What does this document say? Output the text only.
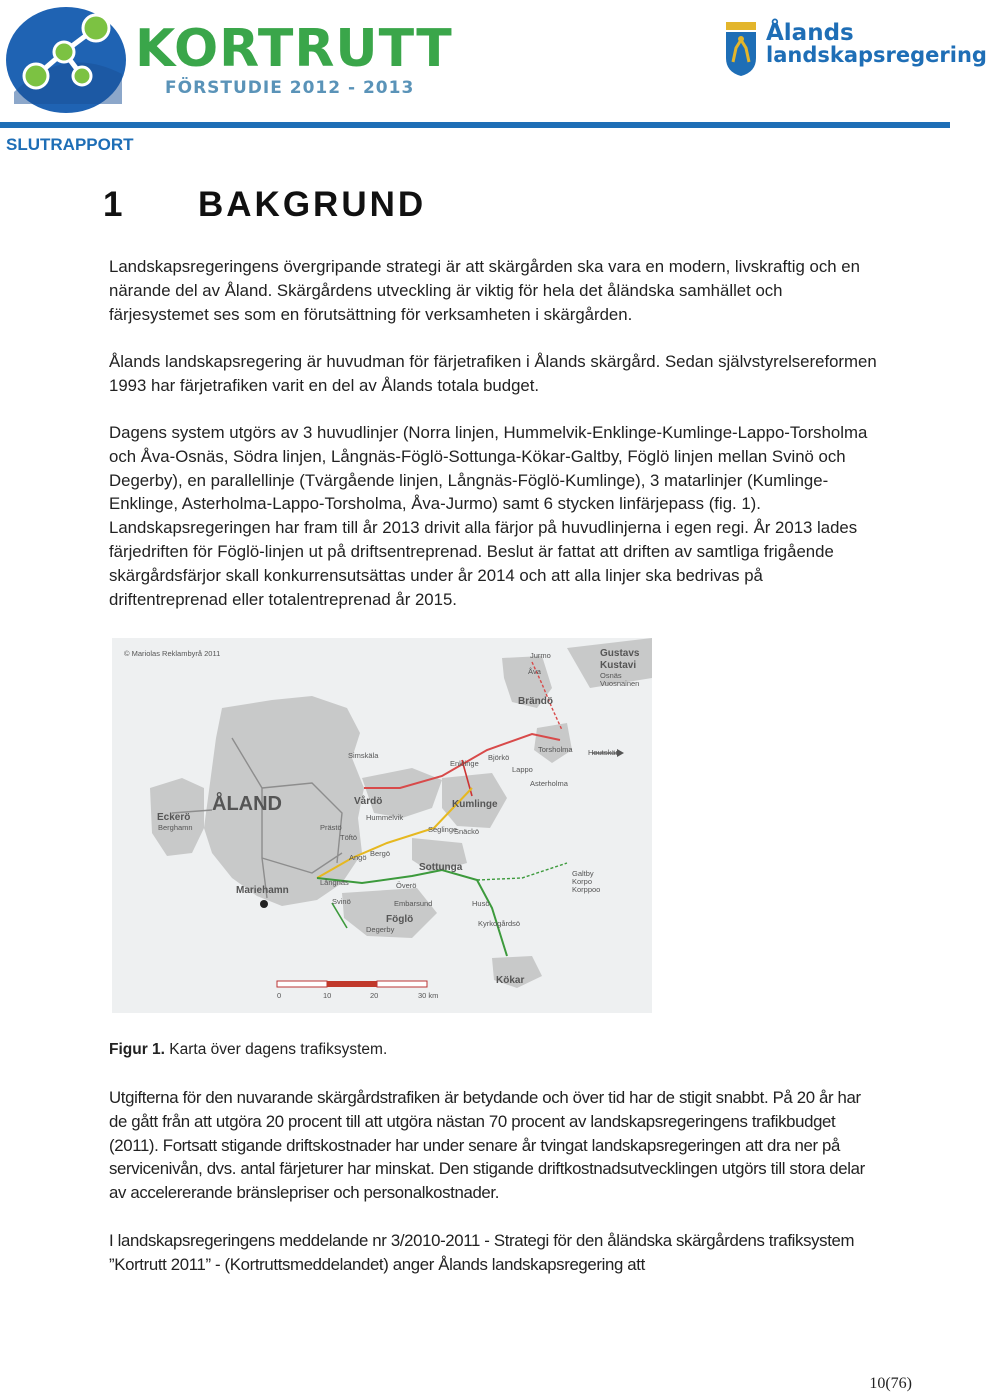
KORTRUTT
FÖRSTUDIE 2012 - 2013
Ålands
landskapsregering
SLUTRAPPORT
1 BAKGRUND

Landskapsregeringens övergripande strategi är att skärgården ska vara en modern, livskraftig och en närande del av Åland. Skärgårdens utveckling är viktig för hela det åländska samhället och färjesystemet ses som en förutsättning för verksamheten i skärgården.

Ålands landskapsregering är huvudman för färjetrafiken i Ålands skärgård. Sedan självstyrelsereformen 1993 har färjetrafiken varit en del av Ålands totala budget.

Dagens system utgörs av 3 huvudlinjer (Norra linjen, Hummelvik-Enklinge-Kumlinge-Lappo-Torsholma och Åva-Osnäs, Södra linjen, Långnäs-Föglö-Sottunga-Kökar-Galtby, Föglö linjen mellan Svinö och Degerby), en parallellinje (Tvärgående linjen, Långnäs-Föglö-Kumlinge), 3 matarlinjer (Kumlinge-Enklinge, Asterholma-Lappo-Torsholma, Åva-Jurmo) samt 6 stycken linfärjepass (fig. 1). Landskapsregeringen har fram till år 2013 drivit alla färjor på huvudlinjerna i egen regi. År 2013 lades färjedriften för Föglö-linjen ut på driftsentreprenad. Beslut är fattat att driften av samtliga frigående skärgårdsfärjor skall konkurrensutsättas under år 2014 och att alla linjer ska bedrivas på driftentreprenad eller totalentreprenad år 2015.

© Mariolas Reklambyrå 2011
ÅLAND
Eckerö
Berghamn
Simskäla
Vårdö
Hummelvik
Prästö
Töftö
Angö Bergö
Mariehamn
Långnäs
Svinö
Degerby
Föglö
Överö
Embarsund
Sottunga
Kumlinge
Snäckö
Seglinge
Enklinge
Björkö
Lappo
Asterholma
Torsholma Houtskär
Brändö
Jurmo
Åva
Gustavs
Kustavi
Osnäs
Vuosnainen
Galtby
Korpo
Korppoo
Husö
Kyrkogårdsö
Kökar
0	10	20	30 km
Figur 1. Karta över dagens trafiksystem.

Utgifterna för den nuvarande skärgårdstrafiken är betydande och över tid har de stigit snabbt. På 20 år har de gått från att utgöra 20 procent till att utgöra nästan 70 procent av landskapsregeringens trafikbudget (2011). Fortsatt stigande driftskostnader har under senare år tvingat landskapsregeringen att dra ner på servicenivån, dvs. antal färjeturer har minskat. Den stigande driftkostnadsutvecklingen utgörs till stora delar av accelererande bränslepriser och personalkostnader.

I landskapsregeringens meddelande nr 3/2010-2011 - Strategi för den åländska skärgårdens trafiksystem ”Kortrutt 2011” - (Kortruttsmeddelandet) anger Ålands landskapsregering att

10(76)
